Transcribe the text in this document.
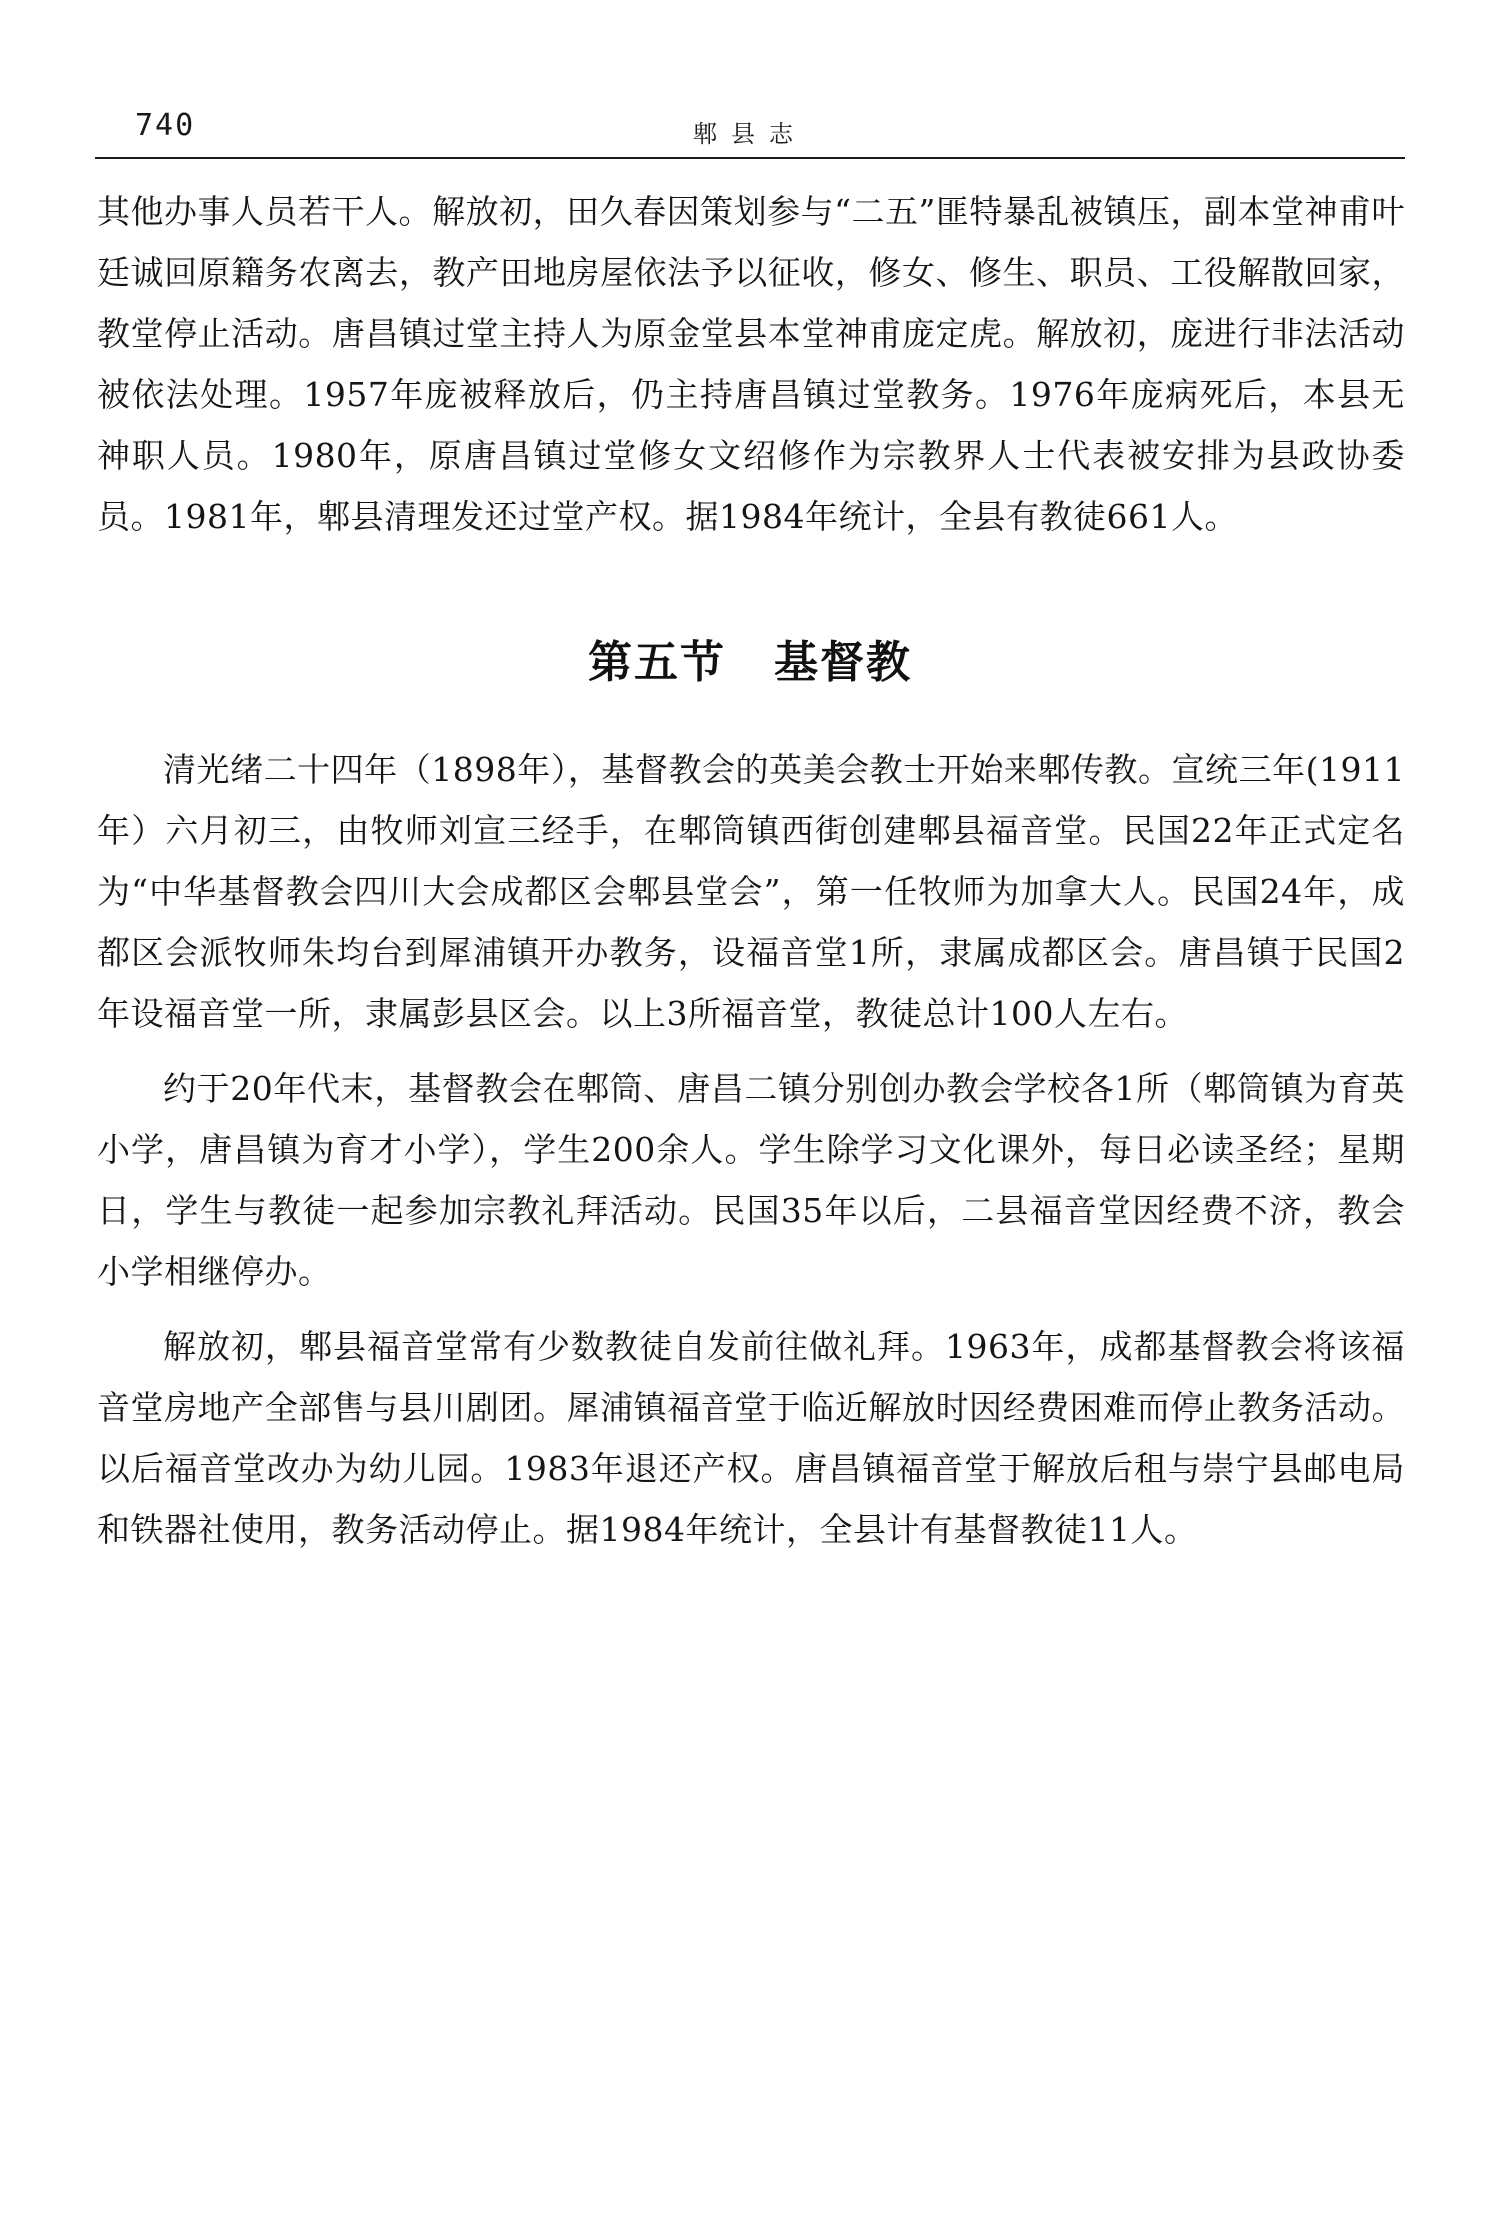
740	郫县志

其他办事人员若干人。解放初，田久春因策划参与“二五”匪特暴乱被镇压，副本堂神甫叶廷诚回原籍务农离去，教产田地房屋依法予以征收，修女、修生、职员、工役解散回家，教堂停止活动。唐昌镇过堂主持人为原金堂县本堂神甫庞定虎。解放初，庞进行非法活动被依法处理。1957年庞被释放后，仍主持唐昌镇过堂教务。1976年庞病死后，本县无神职人员。1980年，原唐昌镇过堂修女文绍修作为宗教界人士代表被安排为县政协委员。1981年，郫县清理发还过堂产权。据1984年统计，全县有教徒661人。

第五节 基督教

清光绪二十四年（1898年），基督教会的英美会教士开始来郫传教。宣统三年(1911年）六月初三，由牧师刘宣三经手，在郫筒镇西街创建郫县福音堂。民国22年正式定名为“中华基督教会四川大会成都区会郫县堂会”，第一任牧师为加拿大人。民国24年，成都区会派牧师朱均台到犀浦镇开办教务，设福音堂1所，隶属成都区会。唐昌镇于民国2年设福音堂一所，隶属彭县区会。以上3所福音堂，教徒总计100人左右。

约于20年代末，基督教会在郫筒、唐昌二镇分别创办教会学校各1所（郫筒镇为育英小学，唐昌镇为育才小学），学生200余人。学生除学习文化课外，每日必读圣经；星期日，学生与教徒一起参加宗教礼拜活动。民国35年以后，二县福音堂因经费不济，教会小学相继停办。

解放初，郫县福音堂常有少数教徒自发前往做礼拜。1963年，成都基督教会将该福音堂房地产全部售与县川剧团。犀浦镇福音堂于临近解放时因经费困难而停止教务活动。以后福音堂改办为幼儿园。1983年退还产权。唐昌镇福音堂于解放后租与崇宁县邮电局和铁器社使用，教务活动停止。据1984年统计，全县计有基督教徒11人。
